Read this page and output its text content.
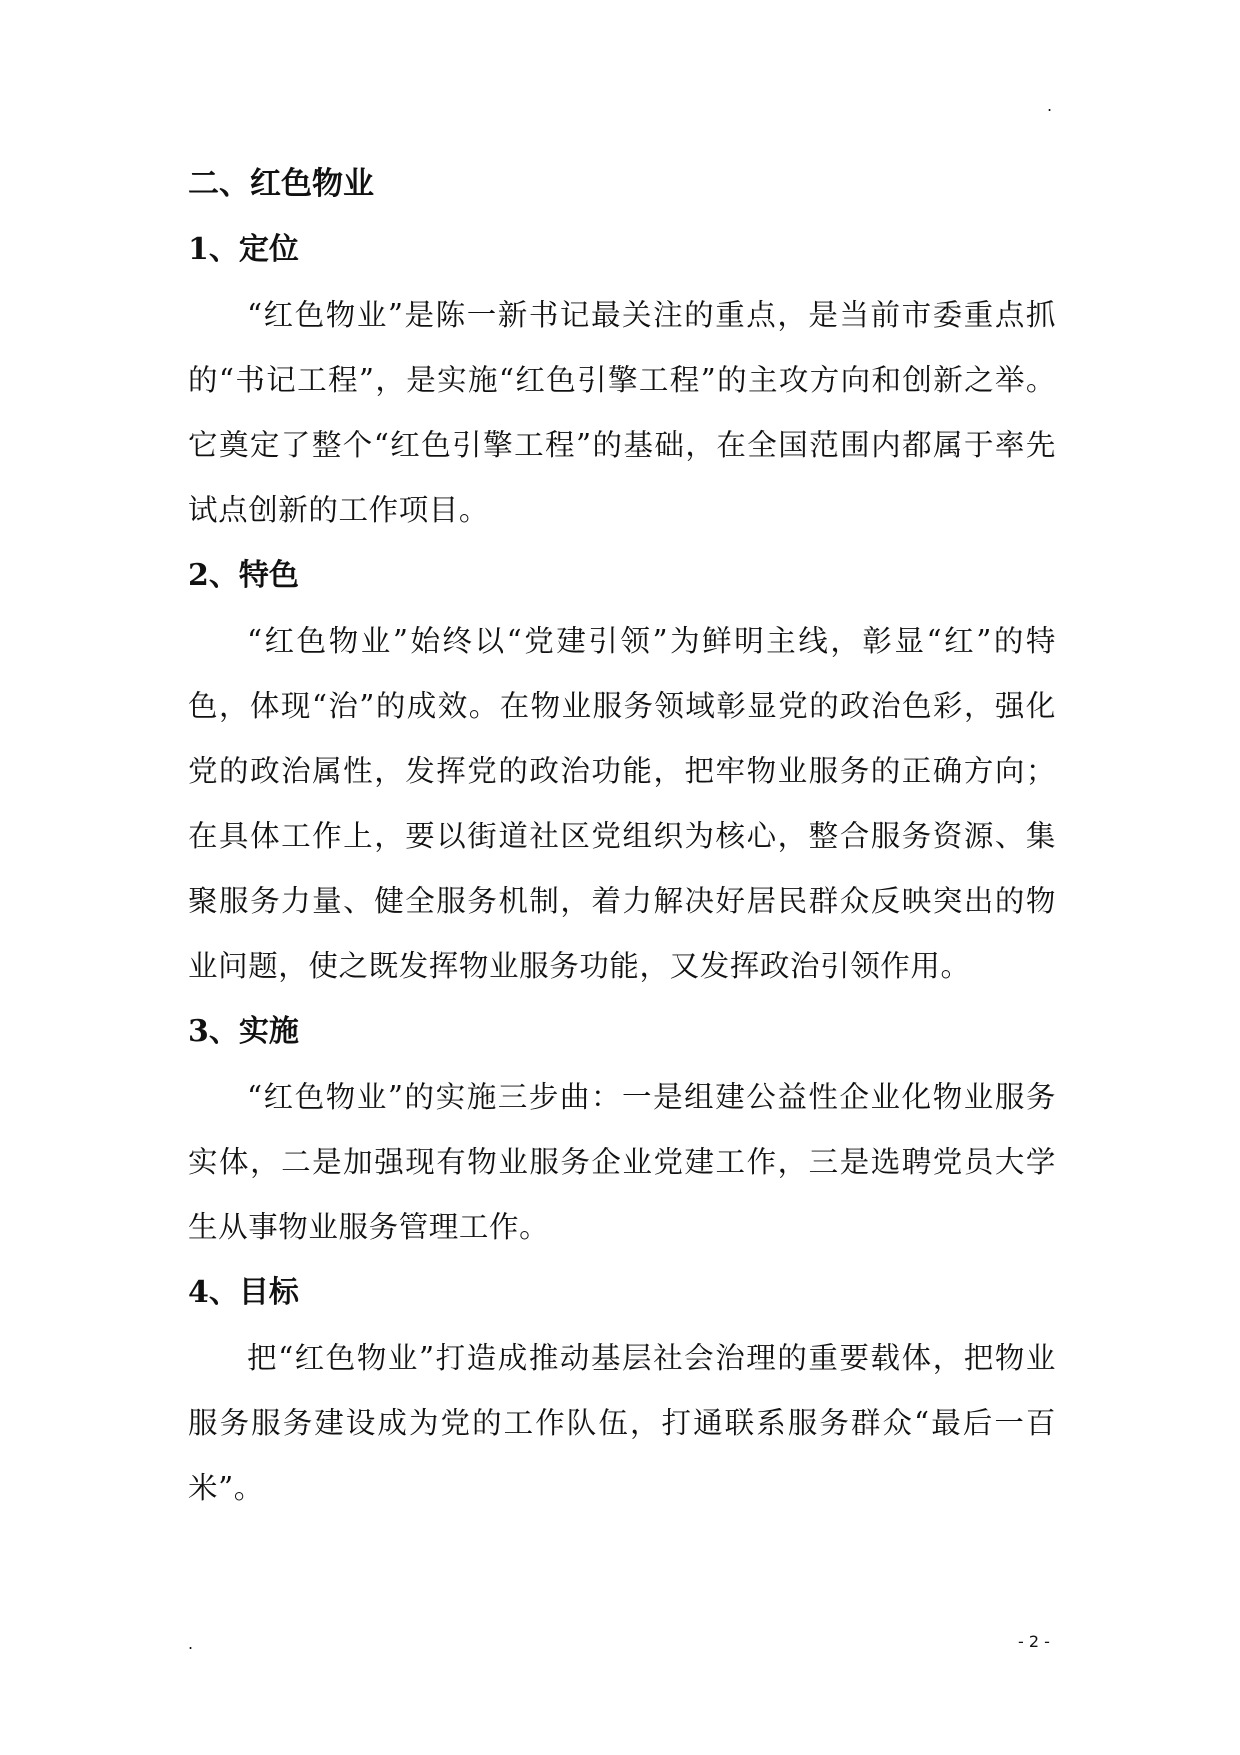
.
二、红色物业
1、定位

“红色物业”是陈一新书记最关注的重点，是当前市委重点抓的“书记工程”，是实施“红色引擎工程”的主攻方向和创新之举。它奠定了整个“红色引擎工程”的基础，在全国范围内都属于率先试点创新的工作项目。

2、特色

“红色物业”始终以“党建引领”为鲜明主线，彰显“红”的特色，体现“治”的成效。在物业服务领域彰显党的政治色彩，强化党的政治属性，发挥党的政治功能，把牢物业服务的正确方向；在具体工作上，要以街道社区党组织为核心，整合服务资源、集聚服务力量、健全服务机制，着力解决好居民群众反映突出的物业问题，使之既发挥物业服务功能，又发挥政治引领作用。

3、实施

“红色物业”的实施三步曲：一是组建公益性企业化物业服务实体，二是加强现有物业服务企业党建工作，三是选聘党员大学生从事物业服务管理工作。

4、目标

把“红色物业”打造成推动基层社会治理的重要载体，把物业服务服务建设成为党的工作队伍，打通联系服务群众“最后一百米”。

.	- 2 -
